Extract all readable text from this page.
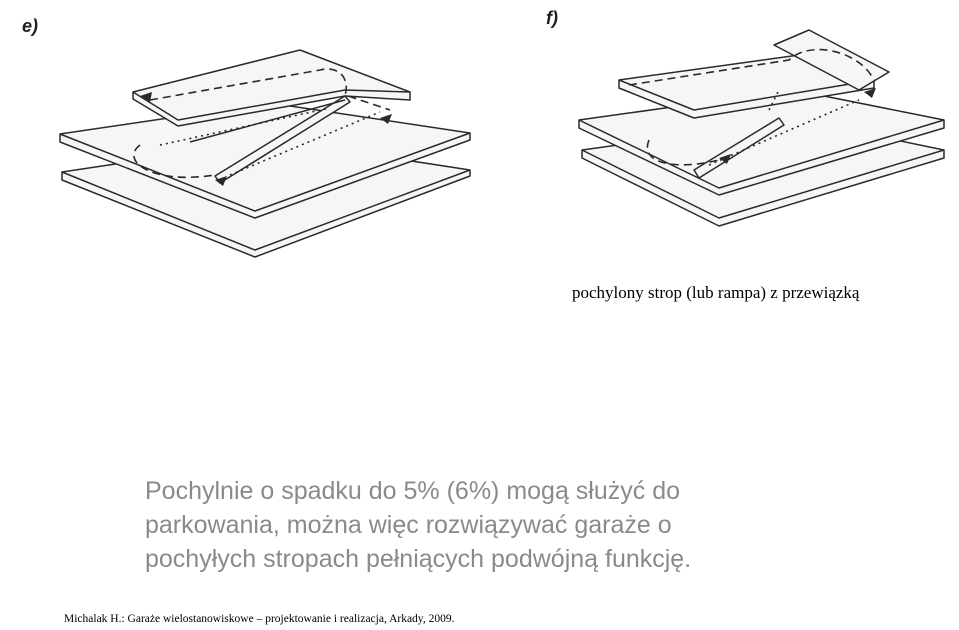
e)	f)
pochylony strop (lub rampa) z przewiązką
Pochylnie o spadku do 5% (6%) mogą służyć do
parkowania, można więc rozwiązywać garaże o
pochyłych stropach pełniących podwójną funkcję.
Michalak H.: Garaże wielostanowiskowe – projektowanie i realizacja, Arkady, 2009.
